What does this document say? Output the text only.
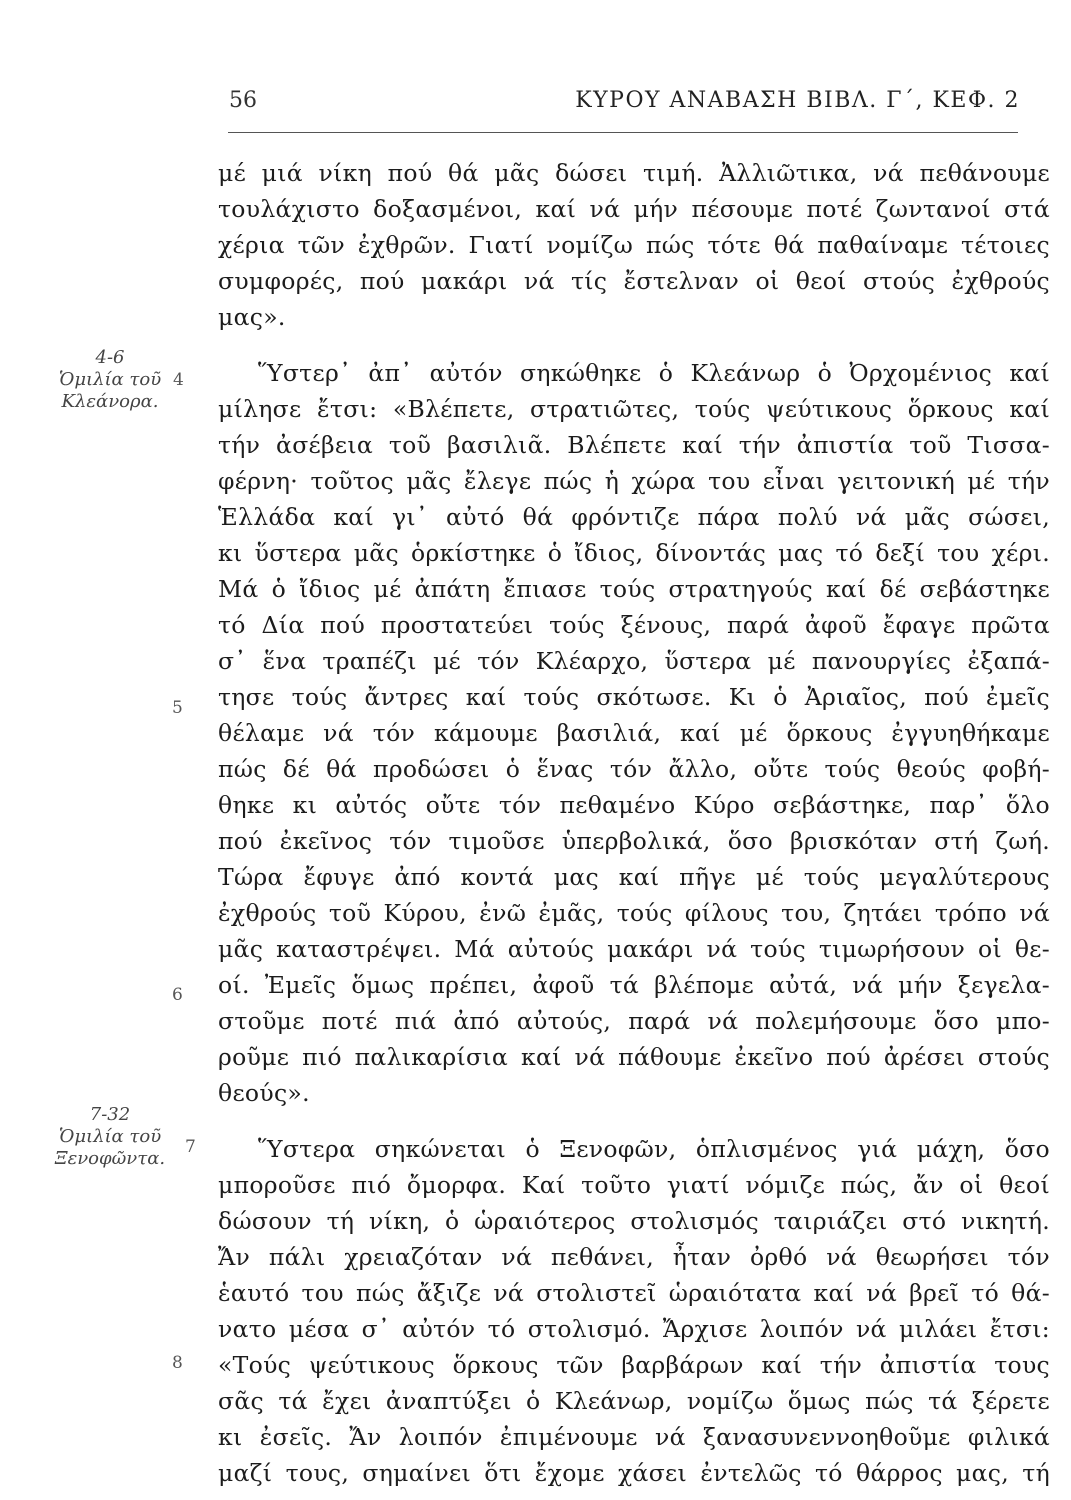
56	ΚΥΡΟΥ ΑΝΑΒΑΣΗ ΒΙΒΛ. Γ΄, ΚΕΦ. 2
4-6
Ὁμιλία τοῦ
Κλεάνορα.
7-32
Ὁμιλία τοῦ
Ξενοφῶντα.
4
5
6
7
8
μέ μιά νίκη πού θά μᾶς δώσει τιμή. Ἀλλιῶτικα, νά πεθάνουμε
τουλάχιστο δοξασμένοι, καί νά μήν πέσουμε ποτέ ζωντανοί στά
χέρια τῶν ἐχθρῶν. Γιατί νομίζω πώς τότε θά παθαίναμε τέτοιες
συμφορές, πού μακάρι νά τίς ἔστελναν οἱ θεοί στούς ἐχθρούς
μας».
Ὕστερ᾽ ἀπ᾽ αὐτόν σηκώθηκε ὁ Κλεάνωρ ὁ Ὀρχομένιος καί
μίλησε ἔτσι: «Βλέπετε, στρατιῶτες, τούς ψεύτικους ὅρκους καί
τήν ἀσέβεια τοῦ βασιλιᾶ. Βλέπετε καί τήν ἀπιστία τοῦ Τισσα-
φέρνη· τοῦτος μᾶς ἔλεγε πώς ἡ χώρα του εἶναι γειτονική μέ τήν
Ἑλλάδα καί γι᾽ αὐτό θά φρόντιζε πάρα πολύ νά μᾶς σώσει,
κι ὕστερα μᾶς ὁρκίστηκε ὁ ἴδιος, δίνοντάς μας τό δεξί του χέρι.
Μά ὁ ἴδιος μέ ἀπάτη ἔπιασε τούς στρατηγούς καί δέ σεβάστηκε
τό Δία πού προστατεύει τούς ξένους, παρά ἀφοῦ ἔφαγε πρῶτα
σ᾽ ἕνα τραπέζι μέ τόν Κλέαρχο, ὕστερα μέ πανουργίες ἐξαπά-
τησε τούς ἄντρες καί τούς σκότωσε. Κι ὁ Ἀριαῖος, πού ἐμεῖς
θέλαμε νά τόν κάμουμε βασιλιά, καί μέ ὅρκους ἐγγυηθήκαμε
πώς δέ θά προδώσει ὁ ἕνας τόν ἄλλο, οὔτε τούς θεούς φοβή-
θηκε κι αὐτός οὔτε τόν πεθαμένο Κύρο σεβάστηκε, παρ᾽ ὅλο
πού ἐκεῖνος τόν τιμοῦσε ὑπερβολικά, ὅσο βρισκόταν στή ζωή.
Τώρα ἔφυγε ἀπό κοντά μας καί πῆγε μέ τούς μεγαλύτερους
ἐχθρούς τοῦ Κύρου, ἐνῶ ἐμᾶς, τούς φίλους του, ζητάει τρόπο νά
μᾶς καταστρέψει. Μά αὐτούς μακάρι νά τούς τιμωρήσουν οἱ θε-
οί. Ἐμεῖς ὅμως πρέπει, ἀφοῦ τά βλέπομε αὐτά, νά μήν ξεγελα-
στοῦμε ποτέ πιά ἀπό αὐτούς, παρά νά πολεμήσουμε ὅσο μπο-
ροῦμε πιό παλικαρίσια καί νά πάθουμε ἐκεῖνο πού ἀρέσει στούς
θεούς».
Ὕστερα σηκώνεται ὁ Ξενοφῶν, ὁπλισμένος γιά μάχη, ὅσο
μποροῦσε πιό ὄμορφα. Καί τοῦτο γιατί νόμιζε πώς, ἄν οἱ θεοί
δώσουν τή νίκη, ὁ ὡραιότερος στολισμός ταιριάζει στό νικητή.
Ἄν πάλι χρειαζόταν νά πεθάνει, ἦταν ὀρθό νά θεωρήσει τόν
ἑαυτό του πώς ἄξιζε νά στολιστεῖ ὡραιότατα καί νά βρεῖ τό θά-
νατο μέσα σ᾽ αὐτόν τό στολισμό. Ἄρχισε λοιπόν νά μιλάει ἔτσι:
«Τούς ψεύτικους ὅρκους τῶν βαρβάρων καί τήν ἀπιστία τους
σᾶς τά ἔχει ἀναπτύξει ὁ Κλεάνωρ, νομίζω ὅμως πώς τά ξέρετε
κι ἐσεῖς. Ἄν λοιπόν ἐπιμένουμε νά ξανασυνεννοηθοῦμε φιλικά
μαζί τους, σημαίνει ὅτι ἔχομε χάσει ἐντελῶς τό θάρρος μας, τή
